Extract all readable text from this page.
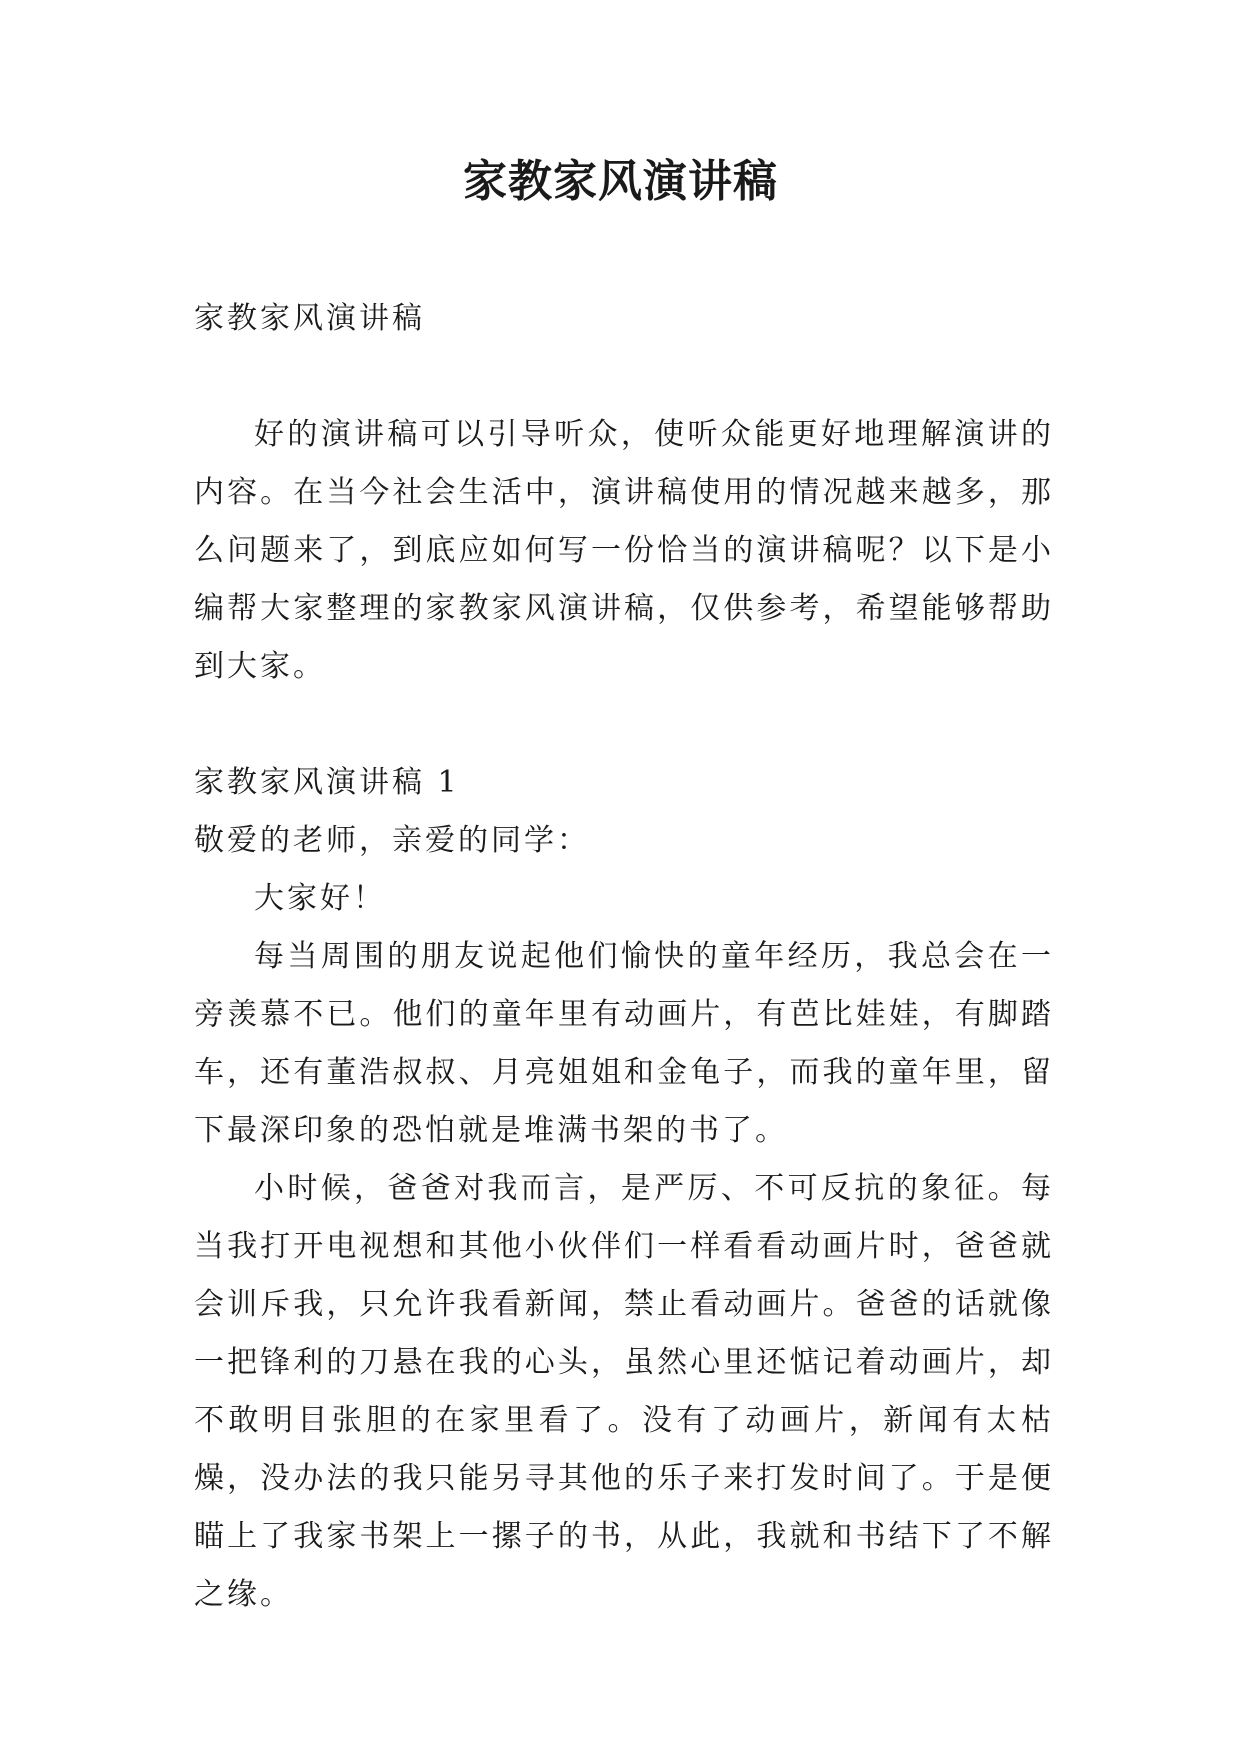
家教家风演讲稿

家教家风演讲稿

好的演讲稿可以引导听众，使听众能更好地理解演讲的内容。在当今社会生活中，演讲稿使用的情况越来越多，那么问题来了，到底应如何写一份恰当的演讲稿呢？以下是小编帮大家整理的家教家风演讲稿，仅供参考，希望能够帮助到大家。

家教家风演讲稿 1

敬爱的老师，亲爱的同学：

大家好！

每当周围的朋友说起他们愉快的童年经历，我总会在一旁羡慕不已。他们的童年里有动画片，有芭比娃娃，有脚踏车，还有董浩叔叔、月亮姐姐和金龟子，而我的童年里，留下最深印象的恐怕就是堆满书架的书了。

小时候，爸爸对我而言，是严厉、不可反抗的象征。每当我打开电视想和其他小伙伴们一样看看动画片时，爸爸就会训斥我，只允许我看新闻，禁止看动画片。爸爸的话就像一把锋利的刀悬在我的心头，虽然心里还惦记着动画片，却不敢明目张胆的在家里看了。没有了动画片，新闻有太枯燥，没办法的我只能另寻其他的乐子来打发时间了。于是便瞄上了我家书架上一摞子的书，从此，我就和书结下了不解之缘。
